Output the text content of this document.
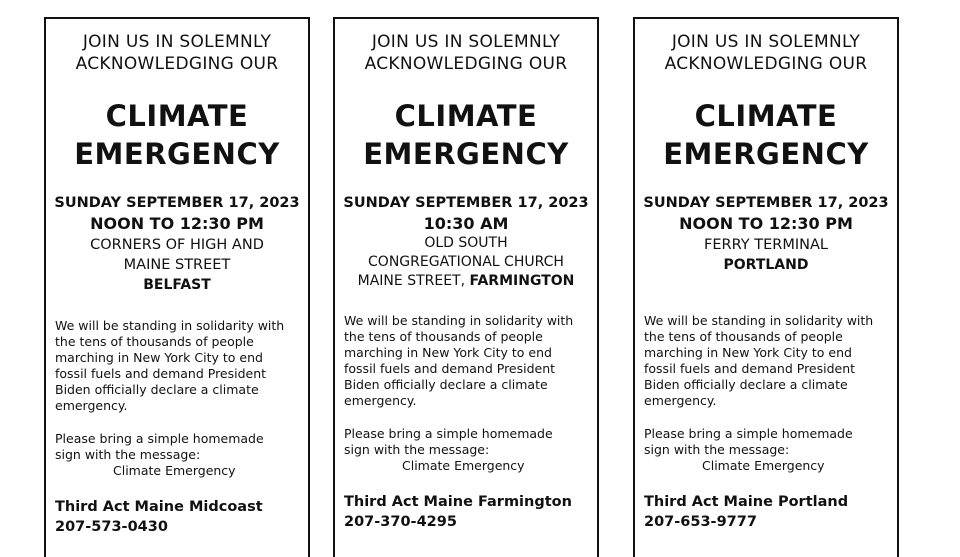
JOIN US IN SOLEMNLY
ACKNOWLEDGING OUR
CLIMATE
EMERGENCY
SUNDAY SEPTEMBER 17, 2023
NOON TO 12:30 PM
CORNERS OF HIGH AND
MAINE STREET
BELFAST
We will be standing in solidarity with
the tens of thousands of people
marching in New York City to end
fossil fuels and demand President
Biden officially declare a climate
emergency.
Please bring a simple homemade
sign with the message:
Climate Emergency
Third Act Maine Midcoast
207-573-0430
JOIN US IN SOLEMNLY
ACKNOWLEDGING OUR
CLIMATE
EMERGENCY
SUNDAY SEPTEMBER 17, 2023
10:30 AM
OLD SOUTH
CONGREGATIONAL CHURCH
MAINE STREET, FARMINGTON
We will be standing in solidarity with
the tens of thousands of people
marching in New York City to end
fossil fuels and demand President
Biden officially declare a climate
emergency.
Please bring a simple homemade
sign with the message:
Climate Emergency
Third Act Maine Farmington
207-370-4295
JOIN US IN SOLEMNLY
ACKNOWLEDGING OUR
CLIMATE
EMERGENCY
SUNDAY SEPTEMBER 17, 2023
NOON TO 12:30 PM
FERRY TERMINAL
PORTLAND
We will be standing in solidarity with
the tens of thousands of people
marching in New York City to end
fossil fuels and demand President
Biden officially declare a climate
emergency.
Please bring a simple homemade
sign with the message:
Climate Emergency
Third Act Maine Portland
207-653-9777
